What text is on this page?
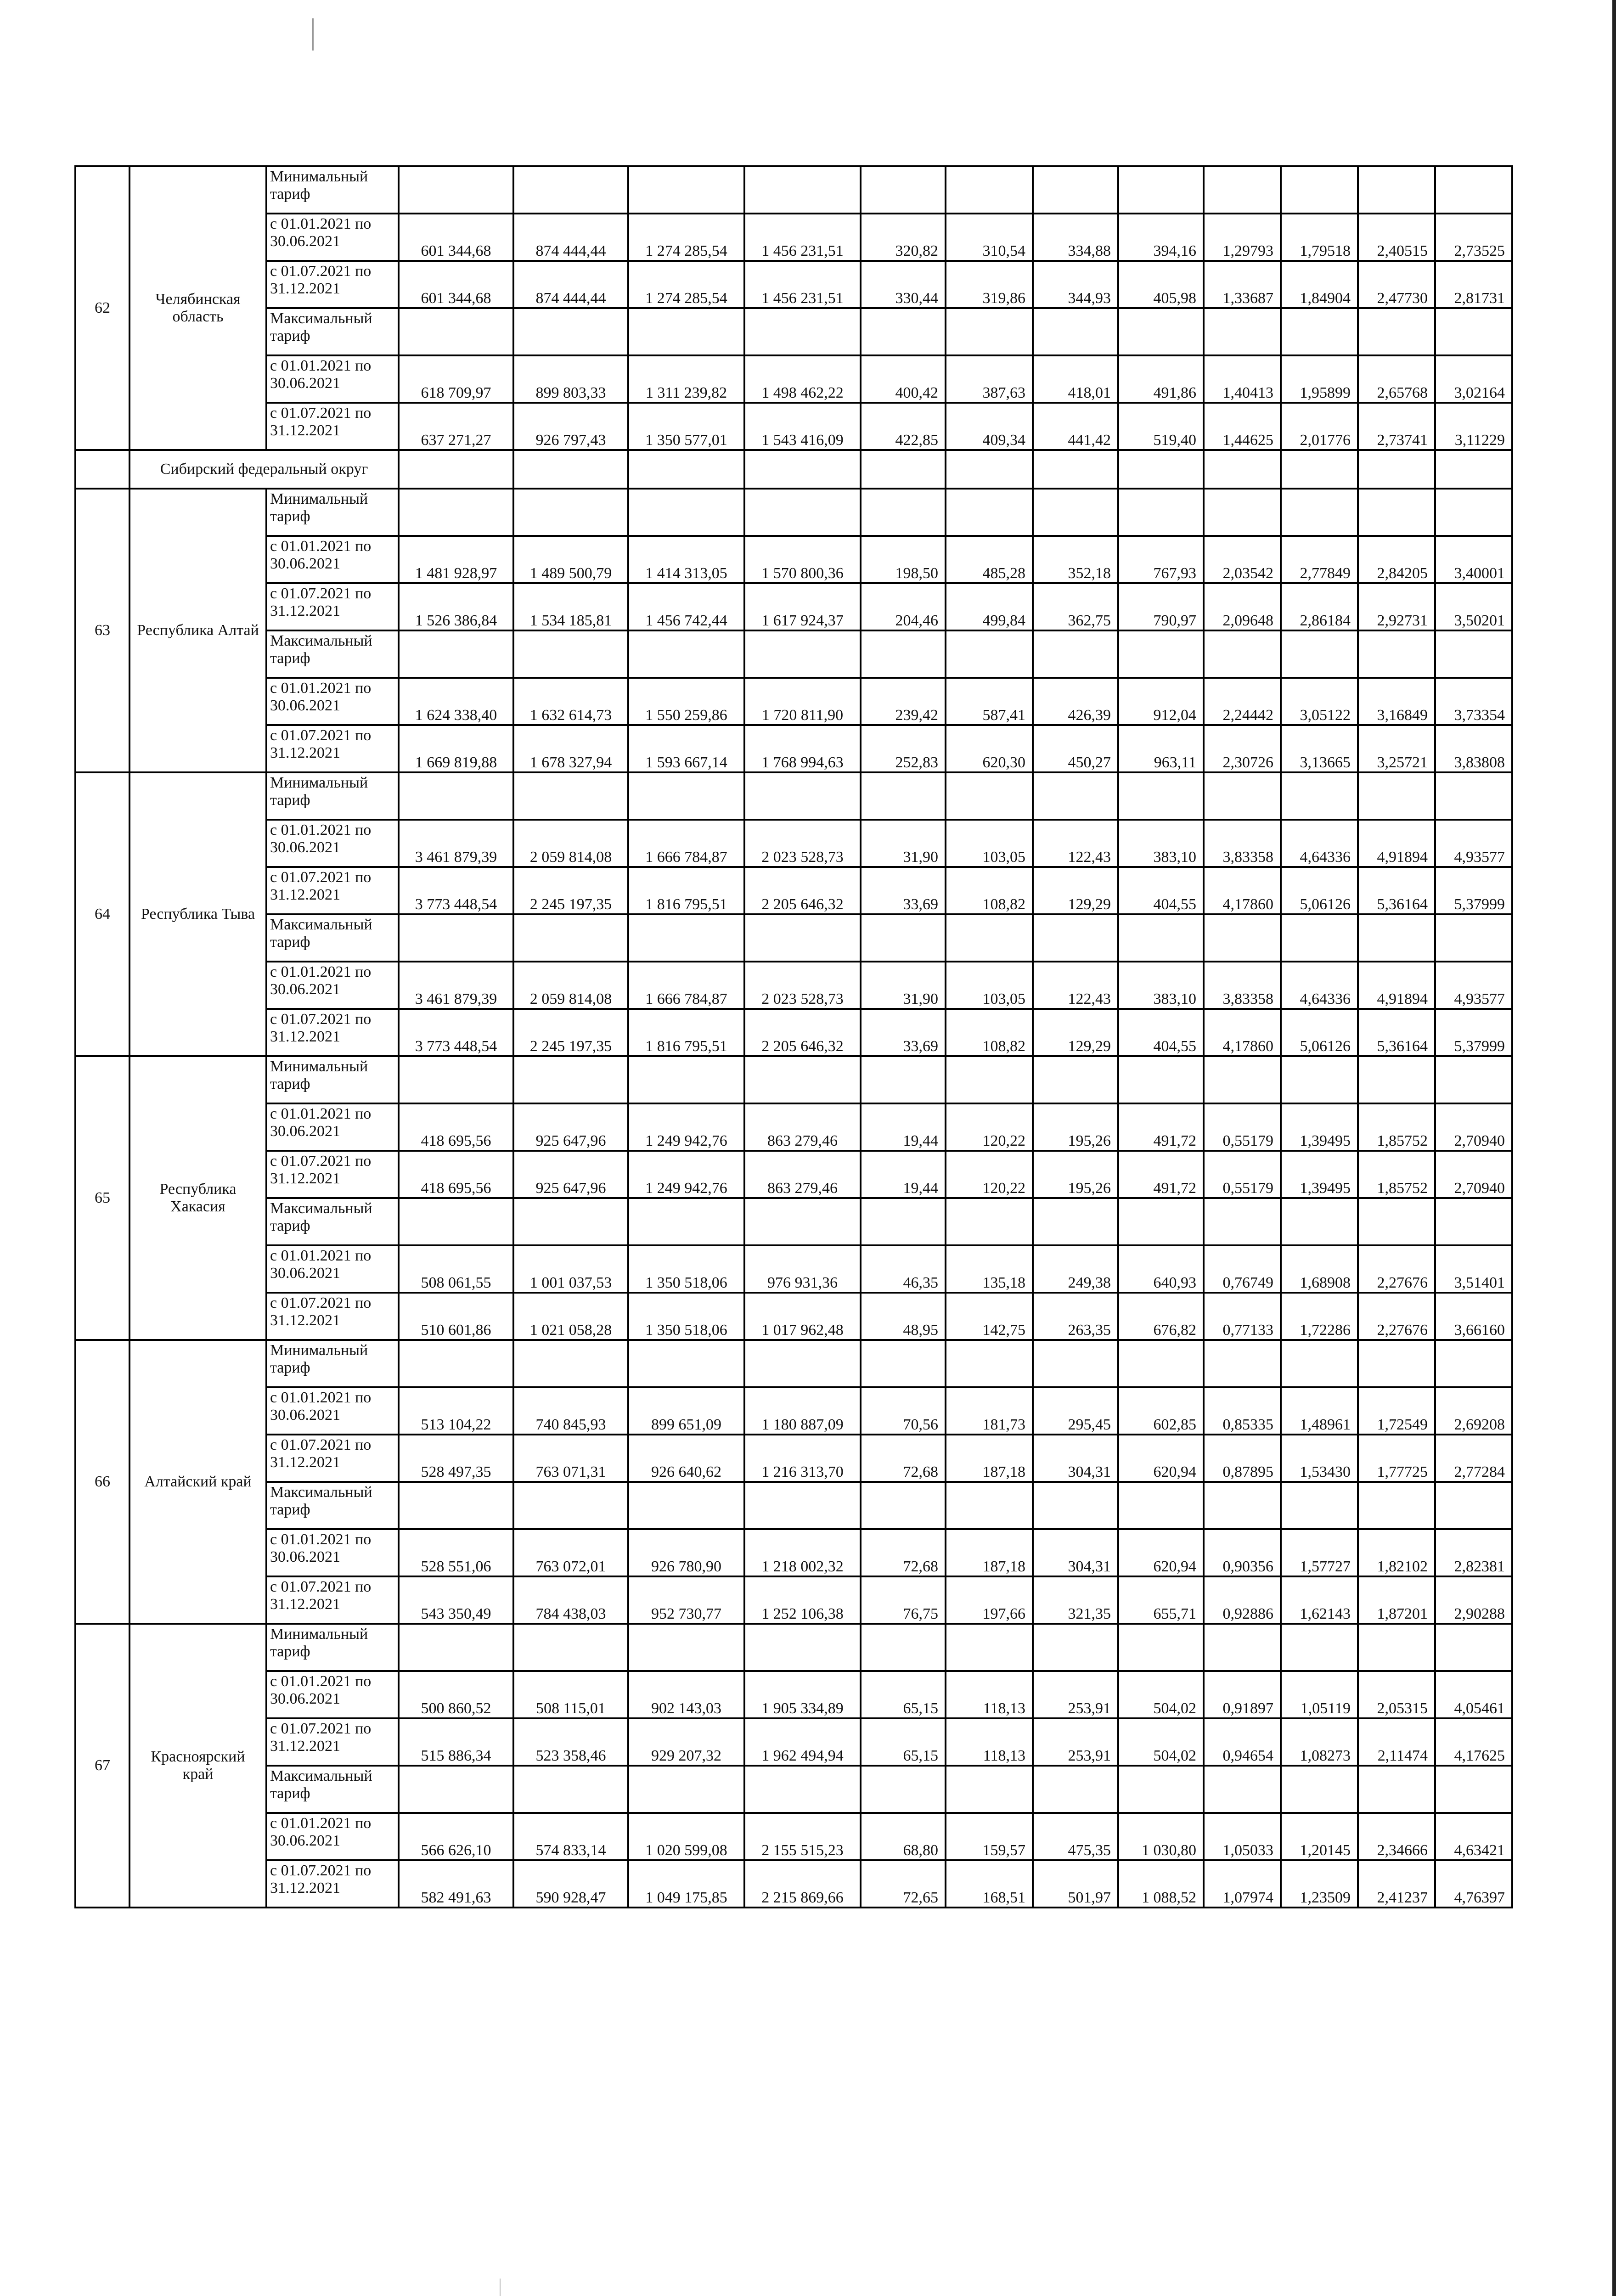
62	Челябинская область	Минимальный тариф												
		с 01.01.2021 по 30.06.2021	601 344,68	874 444,44	1 274 285,54	1 456 231,51	320,82	310,54	334,88	394,16	1,29793	1,79518	2,40515	2,73525
		с 01.07.2021 по 31.12.2021	601 344,68	874 444,44	1 274 285,54	1 456 231,51	330,44	319,86	344,93	405,98	1,33687	1,84904	2,47730	2,81731
		Максимальный тариф												
		с 01.01.2021 по 30.06.2021	618 709,97	899 803,33	1 311 239,82	1 498 462,22	400,42	387,63	418,01	491,86	1,40413	1,95899	2,65768	3,02164
		с 01.07.2021 по 31.12.2021	637 271,27	926 797,43	1 350 577,01	1 543 416,09	422,85	409,34	441,42	519,40	1,44625	2,01776	2,73741	3,11229
	Сибирский федеральный округ													
63	Республика Алтай	Минимальный тариф												
		с 01.01.2021 по 30.06.2021	1 481 928,97	1 489 500,79	1 414 313,05	1 570 800,36	198,50	485,28	352,18	767,93	2,03542	2,77849	2,84205	3,40001
		с 01.07.2021 по 31.12.2021	1 526 386,84	1 534 185,81	1 456 742,44	1 617 924,37	204,46	499,84	362,75	790,97	2,09648	2,86184	2,92731	3,50201
		Максимальный тариф												
		с 01.01.2021 по 30.06.2021	1 624 338,40	1 632 614,73	1 550 259,86	1 720 811,90	239,42	587,41	426,39	912,04	2,24442	3,05122	3,16849	3,73354
		с 01.07.2021 по 31.12.2021	1 669 819,88	1 678 327,94	1 593 667,14	1 768 994,63	252,83	620,30	450,27	963,11	2,30726	3,13665	3,25721	3,83808
64	Республика Тыва	Минимальный тариф												
		с 01.01.2021 по 30.06.2021	3 461 879,39	2 059 814,08	1 666 784,87	2 023 528,73	31,90	103,05	122,43	383,10	3,83358	4,64336	4,91894	4,93577
		с 01.07.2021 по 31.12.2021	3 773 448,54	2 245 197,35	1 816 795,51	2 205 646,32	33,69	108,82	129,29	404,55	4,17860	5,06126	5,36164	5,37999
		Максимальный тариф												
		с 01.01.2021 по 30.06.2021	3 461 879,39	2 059 814,08	1 666 784,87	2 023 528,73	31,90	103,05	122,43	383,10	3,83358	4,64336	4,91894	4,93577
		с 01.07.2021 по 31.12.2021	3 773 448,54	2 245 197,35	1 816 795,51	2 205 646,32	33,69	108,82	129,29	404,55	4,17860	5,06126	5,36164	5,37999
65	Республика Хакасия	Минимальный тариф												
		с 01.01.2021 по 30.06.2021	418 695,56	925 647,96	1 249 942,76	863 279,46	19,44	120,22	195,26	491,72	0,55179	1,39495	1,85752	2,70940
		с 01.07.2021 по 31.12.2021	418 695,56	925 647,96	1 249 942,76	863 279,46	19,44	120,22	195,26	491,72	0,55179	1,39495	1,85752	2,70940
		Максимальный тариф												
		с 01.01.2021 по 30.06.2021	508 061,55	1 001 037,53	1 350 518,06	976 931,36	46,35	135,18	249,38	640,93	0,76749	1,68908	2,27676	3,51401
		с 01.07.2021 по 31.12.2021	510 601,86	1 021 058,28	1 350 518,06	1 017 962,48	48,95	142,75	263,35	676,82	0,77133	1,72286	2,27676	3,66160
66	Алтайский край	Минимальный тариф												
		с 01.01.2021 по 30.06.2021	513 104,22	740 845,93	899 651,09	1 180 887,09	70,56	181,73	295,45	602,85	0,85335	1,48961	1,72549	2,69208
		с 01.07.2021 по 31.12.2021	528 497,35	763 071,31	926 640,62	1 216 313,70	72,68	187,18	304,31	620,94	0,87895	1,53430	1,77725	2,77284
		Максимальный тариф												
		с 01.01.2021 по 30.06.2021	528 551,06	763 072,01	926 780,90	1 218 002,32	72,68	187,18	304,31	620,94	0,90356	1,57727	1,82102	2,82381
		с 01.07.2021 по 31.12.2021	543 350,49	784 438,03	952 730,77	1 252 106,38	76,75	197,66	321,35	655,71	0,92886	1,62143	1,87201	2,90288
67	Красноярский край	Минимальный тариф												
		с 01.01.2021 по 30.06.2021	500 860,52	508 115,01	902 143,03	1 905 334,89	65,15	118,13	253,91	504,02	0,91897	1,05119	2,05315	4,05461
		с 01.07.2021 по 31.12.2021	515 886,34	523 358,46	929 207,32	1 962 494,94	65,15	118,13	253,91	504,02	0,94654	1,08273	2,11474	4,17625
		Максимальный тариф												
		с 01.01.2021 по 30.06.2021	566 626,10	574 833,14	1 020 599,08	2 155 515,23	68,80	159,57	475,35	1 030,80	1,05033	1,20145	2,34666	4,63421
		с 01.07.2021 по 31.12.2021	582 491,63	590 928,47	1 049 175,85	2 215 869,66	72,65	168,51	501,97	1 088,52	1,07974	1,23509	2,41237	4,76397
